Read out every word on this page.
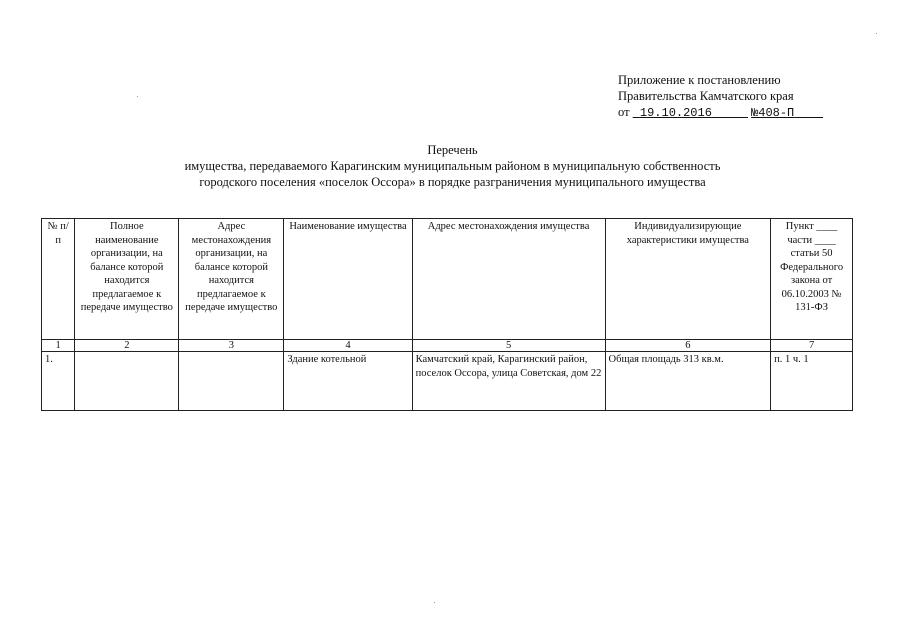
Приложение к постановлению
Правительства Камчатского края
от 19.10.2016	№408-П
Перечень
имущества, передаваемого Карагинским муниципальным районом в муниципальную собственность
городского поселения «поселок Оссора» в порядке разграничения муниципального имущества
№ п/п	Полное наименование организации, на балансе которой находится предлагаемое к передаче имущество	Адрес местонахождения организации, на балансе которой находится предлагаемое к передаче имущество	Наименование имущества	Адрес местонахождения имущества	Индивидуализирующие характеристики имущества	Пункт ____ части ____ статьи 50 Федерального закона от 06.10.2003 № 131-ФЗ
1	2	3	4	5	6	7
1.			Здание котельной	Камчатский край, Карагинский район, поселок Оссора, улица Советская, дом 22	Общая площадь 313 кв.м.	п. 1 ч. 1
